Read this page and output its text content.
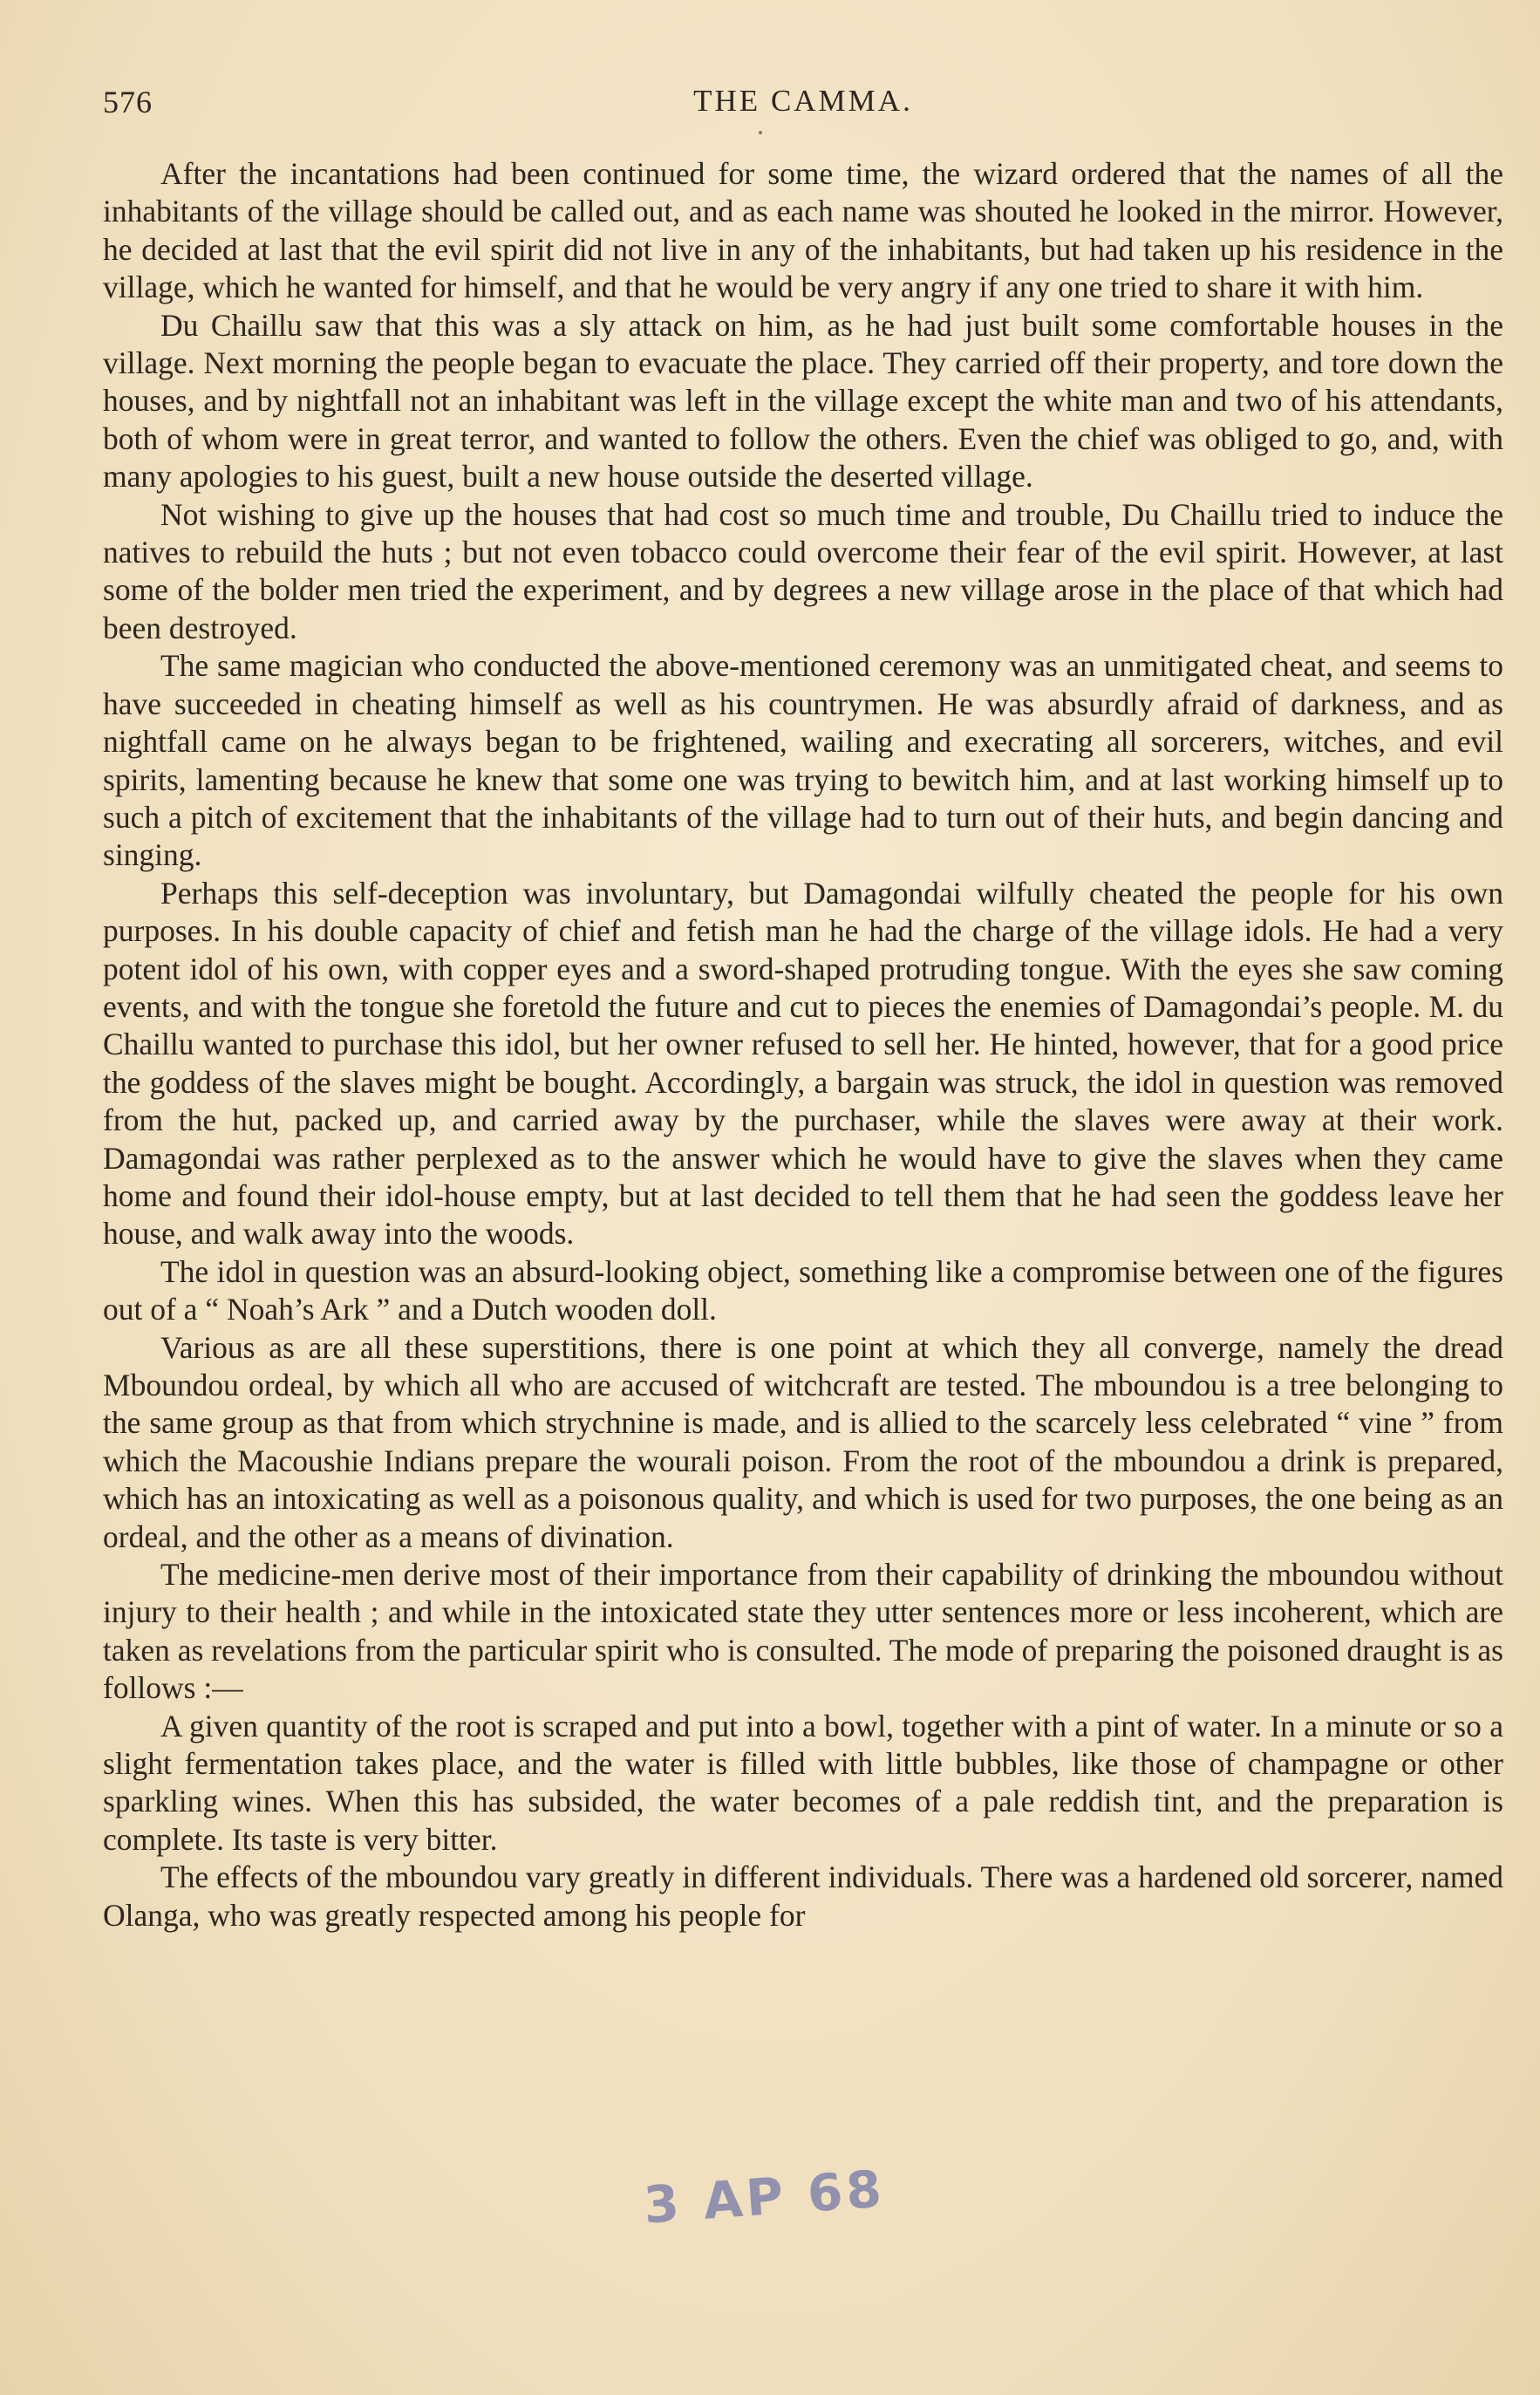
576	THE CAMMA.

After the incantations had been continued for some time, the wizard ordered that the names of all the inhabitants of the village should be called out, and as each name was shouted he looked in the mirror. However, he decided at last that the evil spirit did not live in any of the inhabitants, but had taken up his residence in the village, which he wanted for himself, and that he would be very angry if any one tried to share it with him.

Du Chaillu saw that this was a sly attack on him, as he had just built some comfortable houses in the village. Next morning the people began to evacuate the place. They carried off their property, and tore down the houses, and by nightfall not an inhabitant was left in the village except the white man and two of his attendants, both of whom were in great terror, and wanted to follow the others. Even the chief was obliged to go, and, with many apologies to his guest, built a new house outside the deserted village.

Not wishing to give up the houses that had cost so much time and trouble, Du Chaillu tried to induce the natives to rebuild the huts ; but not even tobacco could overcome their fear of the evil spirit. However, at last some of the bolder men tried the experiment, and by degrees a new village arose in the place of that which had been destroyed.

The same magician who conducted the above-mentioned ceremony was an unmitigated cheat, and seems to have succeeded in cheating himself as well as his countrymen. He was absurdly afraid of darkness, and as nightfall came on he always began to be frightened, wailing and execrating all sorcerers, witches, and evil spirits, lamenting because he knew that some one was trying to bewitch him, and at last working himself up to such a pitch of excitement that the inhabitants of the village had to turn out of their huts, and begin dancing and singing.

Perhaps this self-deception was involuntary, but Damagondai wilfully cheated the people for his own purposes. In his double capacity of chief and fetish man he had the charge of the village idols. He had a very potent idol of his own, with copper eyes and a sword-shaped protruding tongue. With the eyes she saw coming events, and with the tongue she foretold the future and cut to pieces the enemies of Damagondai’s people. M. du Chaillu wanted to purchase this idol, but her owner refused to sell her. He hinted, however, that for a good price the goddess of the slaves might be bought. Accordingly, a bargain was struck, the idol in question was removed from the hut, packed up, and carried away by the purchaser, while the slaves were away at their work. Damagondai was rather perplexed as to the answer which he would have to give the slaves when they came home and found their idol-house empty, but at last decided to tell them that he had seen the goddess leave her house, and walk away into the woods.

The idol in question was an absurd-looking object, something like a compromise between one of the figures out of a “ Noah’s Ark ” and a Dutch wooden doll.

Various as are all these superstitions, there is one point at which they all converge, namely the dread Mboundou ordeal, by which all who are accused of witchcraft are tested. The mboundou is a tree belonging to the same group as that from which strychnine is made, and is allied to the scarcely less celebrated “ vine ” from which the Macoushie Indians prepare the wourali poison. From the root of the mboundou a drink is prepared, which has an intoxicating as well as a poisonous quality, and which is used for two purposes, the one being as an ordeal, and the other as a means of divination.

The medicine-men derive most of their importance from their capability of drinking the mboundou without injury to their health ; and while in the intoxicated state they utter sentences more or less incoherent, which are taken as revelations from the particular spirit who is consulted. The mode of preparing the poisoned draught is as follows :—

A given quantity of the root is scraped and put into a bowl, together with a pint of water. In a minute or so a slight fermentation takes place, and the water is filled with little bubbles, like those of champagne or other sparkling wines. When this has subsided, the water becomes of a pale reddish tint, and the preparation is complete. Its taste is very bitter.

The effects of the mboundou vary greatly in different individuals. There was a hardened old sorcerer, named Olanga, who was greatly respected among his people for

3 AP 68
